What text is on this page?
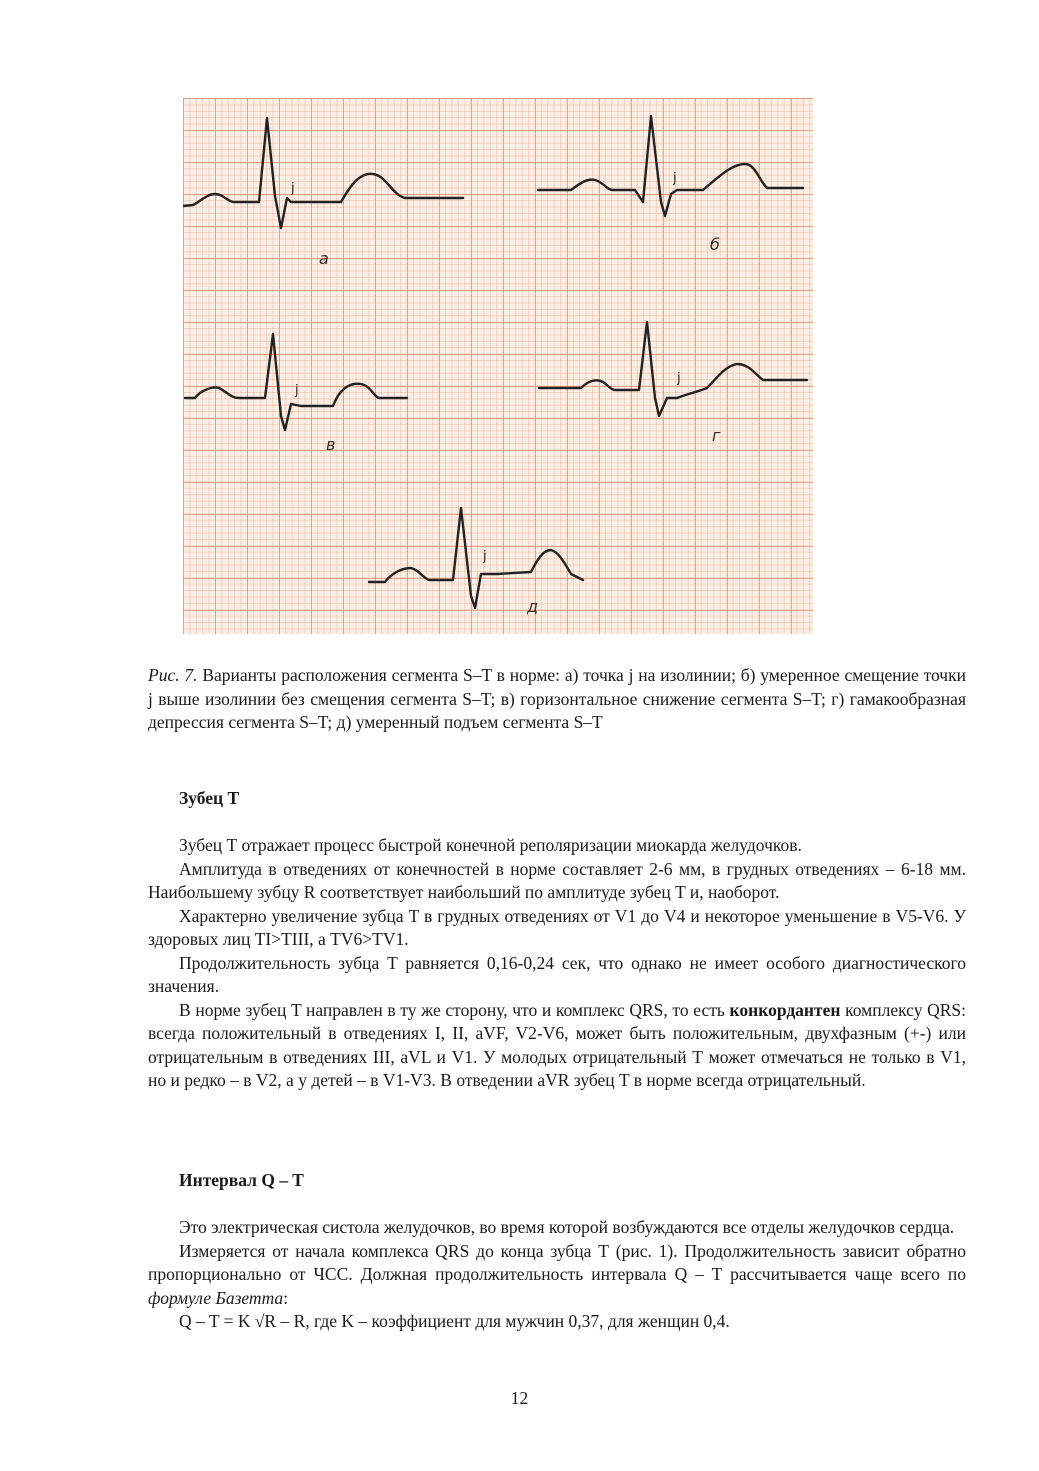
а
б
в	г
д
j
j
j
j
j
Рис. 7. Варианты расположения сегмента S–T в норме: а) точка j на изолинии; б) умеренное смещение точки j выше изолинии без смещения сегмента S–T; в) горизонтальное снижение сегмента S–T; г) гамакообразная депрессия сегмента S–T; д) умеренный подъем сегмента S–T
Зубец Т

Зубец Т отражает процесс быстрой конечной реполяризации миокарда желудочков.

Амплитуда в отведениях от конечностей в норме составляет 2-6 мм, в грудных отведениях – 6-18 мм. Наибольшему зубцу R соответствует наибольший по амплитуде зубец T и, наоборот.

Характерно увеличение зубца T в грудных отведениях от V1 до V4 и некоторое уменьшение в V5-V6. У здоровых лиц TI>TIII, а TV6>TV1.

Продолжительность зубца T равняется 0,16-0,24 сек, что однако не имеет особого диагностического значения.

В норме зубец T направлен в ту же сторону, что и комплекс QRS, то есть конкордантен комплексу QRS: всегда положительный в отведениях I, II, aVF, V2-V6, может быть положительным, двухфазным (+-) или отрицательным в отведениях III, aVL и V1. У молодых отрицательный Т может отмечаться не только в V1, но и редко – в V2, а у детей – в V1-V3. В отведении aVR зубец T в норме всегда отрицательный.

Интервал Q – T

Это электрическая систола желудочков, во время которой возбуждаются все отделы желудочков сердца.

Измеряется от начала комплекса QRS до конца зубца Т (рис. 1). Продолжительность зависит обратно пропорционально от ЧСС. Должная продолжительность интервала Q – T рассчитывается чаще всего по формуле Базетта:

Q – T = K √R – R, где K – коэффициент для мужчин 0,37, для женщин 0,4.

12
